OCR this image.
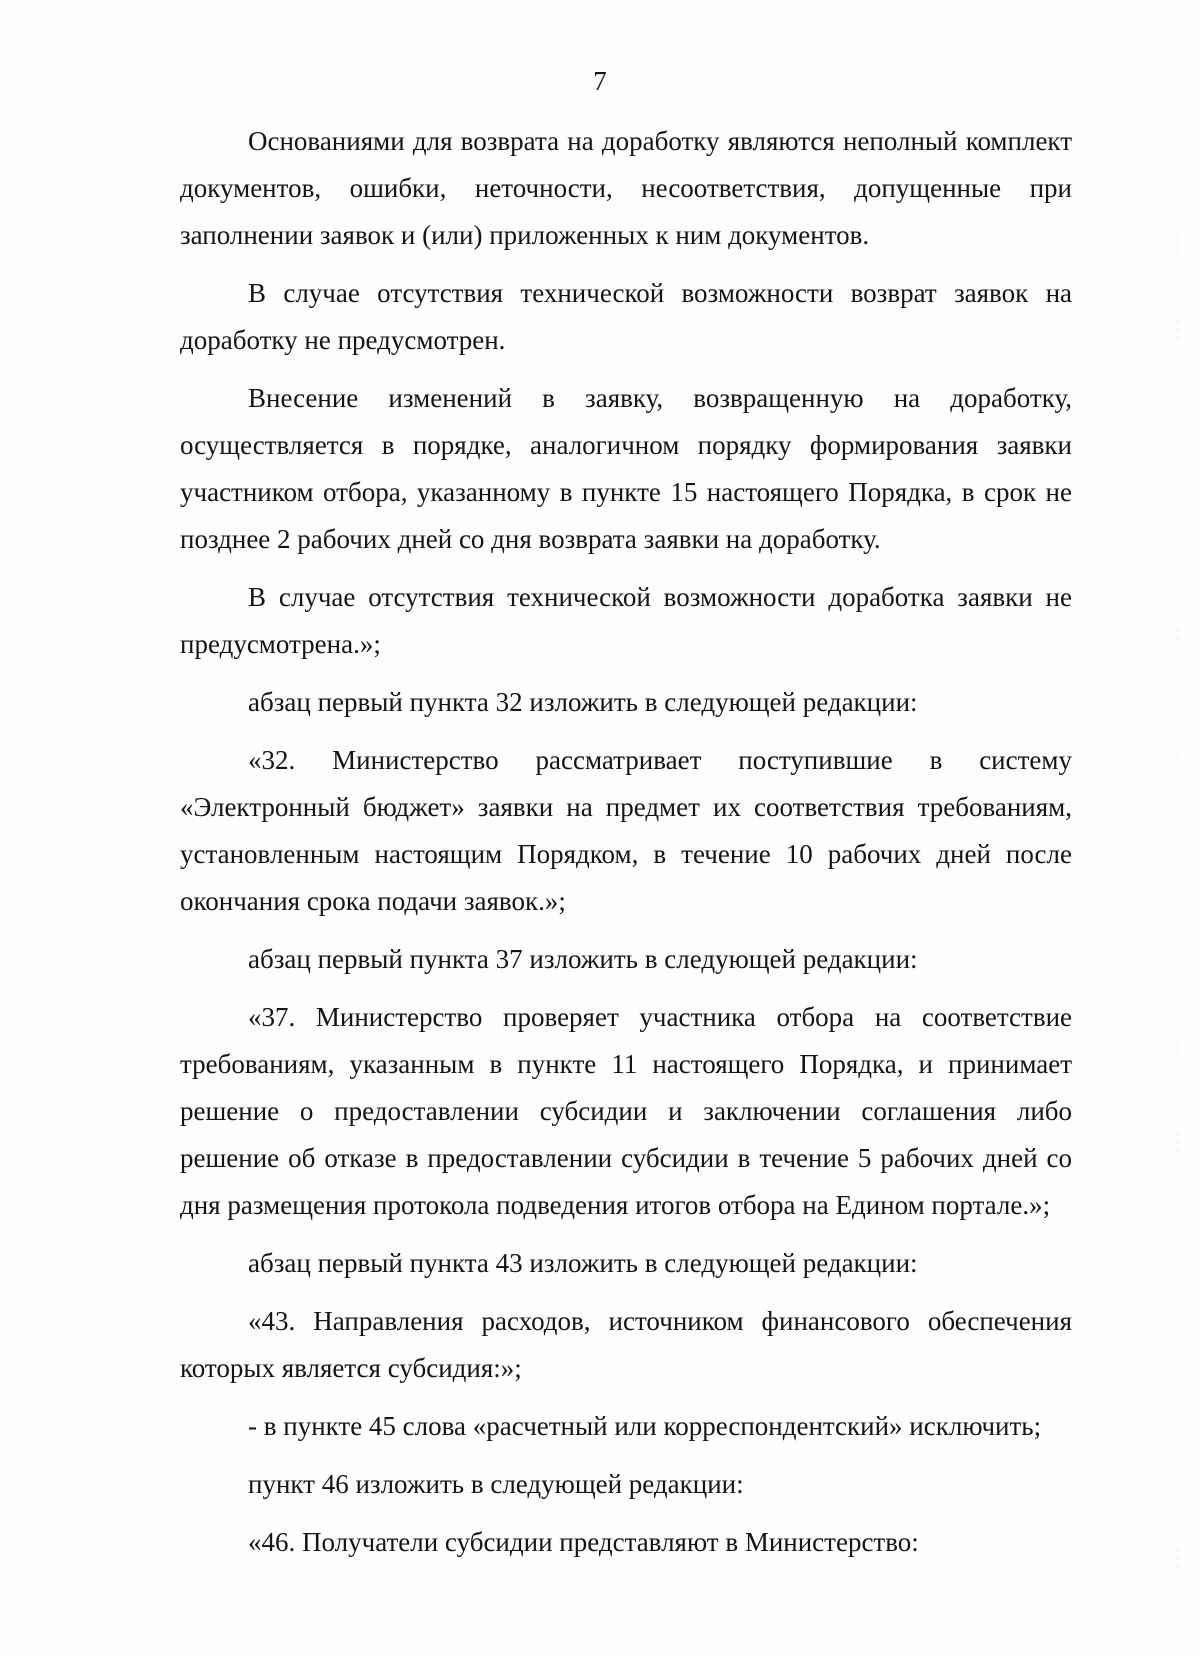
7

Основаниями для возврата на доработку являются неполный комплект документов, ошибки, неточности, несоответствия, допущенные при заполнении заявок и (или) приложенных к ним документов.

В случае отсутствия технической возможности возврат заявок на доработку не предусмотрен.

Внесение изменений в заявку, возвращенную на доработку, осуществляется в порядке, аналогичном порядку формирования заявки участником отбора, указанному в пункте 15 настоящего Порядка, в срок не позднее 2 рабочих дней со дня возврата заявки на доработку.

В случае отсутствия технической возможности доработка заявки не предусмотрена.»;

абзац первый пункта 32 изложить в следующей редакции:

«32. Министерство рассматривает поступившие в систему «Электронный бюджет» заявки на предмет их соответствия требованиям, установленным настоящим Порядком, в течение 10 рабочих дней после окончания срока подачи заявок.»;

абзац первый пункта 37 изложить в следующей редакции:

«37. Министерство проверяет участника отбора на соответствие требованиям, указанным в пункте 11 настоящего Порядка, и принимает решение о предоставлении субсидии и заключении соглашения либо решение об отказе в предоставлении субсидии в течение 5 рабочих дней со дня размещения протокола подведения итогов отбора на Едином портале.»;

абзац первый пункта 43 изложить в следующей редакции:

«43. Направления расходов, источником финансового обеспечения которых является субсидия:»;

- в пункте 45 слова «расчетный или корреспондентский» исключить;

пункт 46 изложить в следующей редакции:

«46. Получатели субсидии представляют в Министерство:

· · ·
·
·
·
· ·
·
·
·
· ·
·
·
· ·
